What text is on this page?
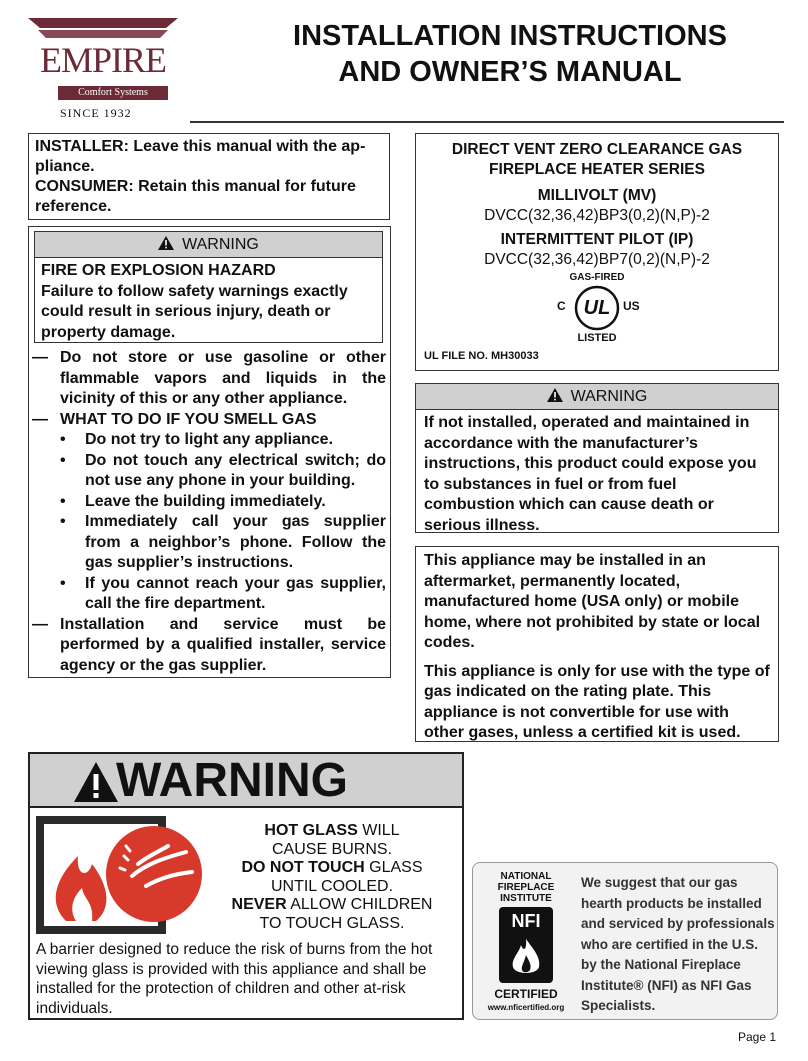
EMPIRE
Comfort Systems
SINCE 1932
INSTALLATION INSTRUCTIONS
AND OWNER’S MANUAL
INSTALLER: Leave this manual with the ap-
pliance.
CONSUMER: Retain this manual for future
reference.
WARNING
FIRE OR EXPLOSION HAZARD
Failure to follow safety warnings exactly could result in serious injury, death or property damage.
— Do not store or use gasoline or other flammable vapors and liquids in the vicinity of this or any other appliance.
— WHAT TO DO IF YOU SMELL GAS
• Do not try to light any appliance.
• Do not touch any electrical switch; do not use any phone in your building.
• Leave the building immediately.
• Immediately call your gas supplier from a neighbor’s phone. Follow the gas supplier’s instructions.
• If you cannot reach your gas supplier, call the fire department.
— Installation and service must be performed by a qualified installer, service agency or the gas supplier.
DIRECT VENT ZERO CLEARANCE GAS
FIREPLACE HEATER SERIES
MILLIVOLT (MV)
DVCC(32,36,42)BP3(0,2)(N,P)-2
INTERMITTENT PILOT (IP)
DVCC(32,36,42)BP7(0,2)(N,P)-2
GAS-FIRED
UL
C	US
LISTED
UL FILE NO. MH30033
WARNING
If not installed, operated and maintained in accordance with the manufacturer’s instructions, this product could expose you to substances in fuel or from fuel combustion which can cause death or serious illness.

This appliance may be installed in an aftermarket, permanently located, manufactured home (USA only) or mobile home, where not prohibited by state or local codes.

This appliance is only for use with the type of gas indicated on the rating plate. This appliance is not convertible for use with other gases, unless a certified kit is used.

WARNING
HOT GLASS WILL
CAUSE BURNS.
DO NOT TOUCH GLASS
UNTIL COOLED.
NEVER ALLOW CHILDREN
TO TOUCH GLASS.
A barrier designed to reduce the risk of burns from the hot viewing glass is provided with this appliance and shall be installed for the protection of children and other at-risk individuals.
NATIONAL
FIREPLACE
INSTITUTE
NFI
CERTIFIED
www.nficertified.org
We suggest that our gas hearth products be installed and serviced by professionals who are certified in the U.S. by the National Fireplace Institute® (NFI) as NFI Gas Specialists.
Page 1
